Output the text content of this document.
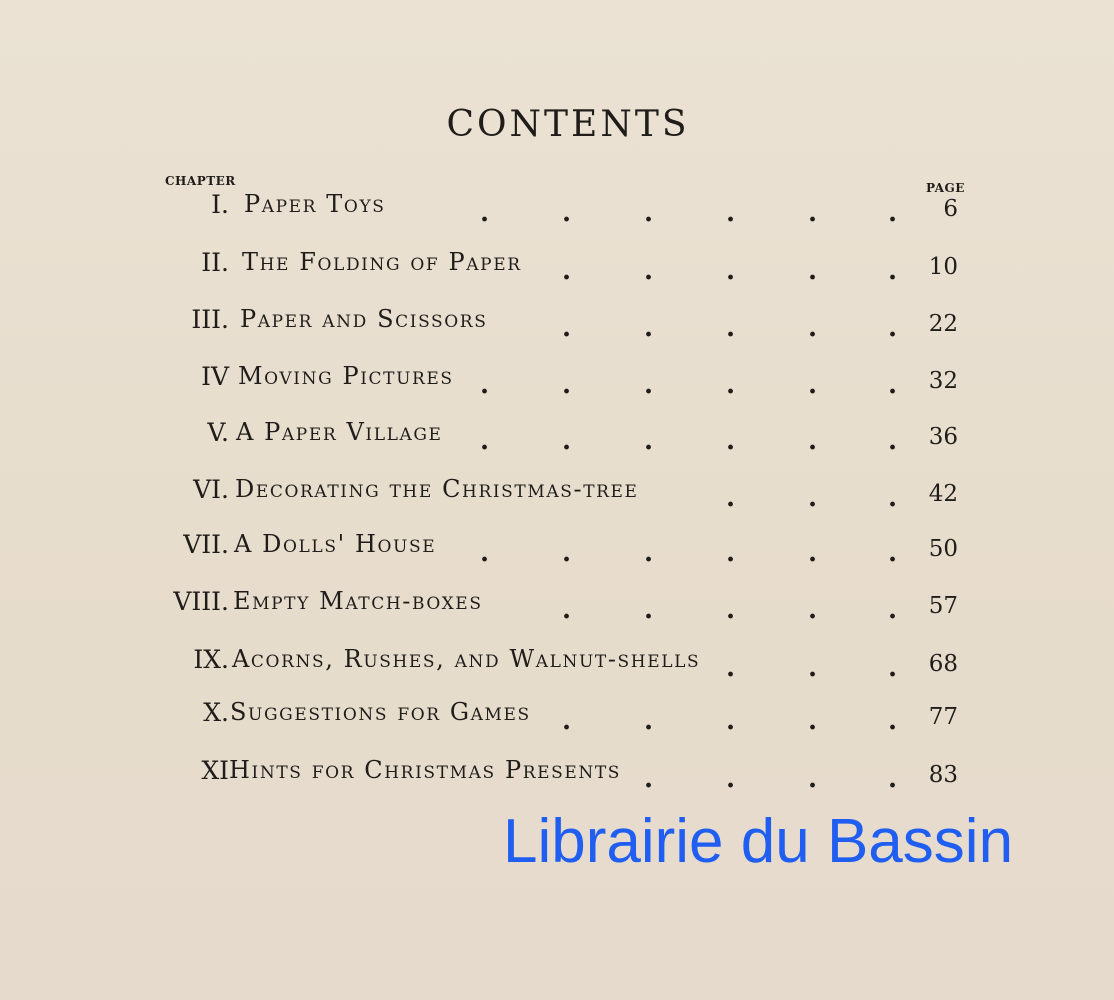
CONTENTS
CHAPTER	PAGE
I. Paper Toys	6
.	.	.	.	.	.
II. The Folding of Paper	10
.	.	.	.	.
III. Paper and Scissors	22
.	.	.	.	.
IV Moving Pictures	32
.	.	.	.	.	.
V. A Paper Village	36
.	.	.	.	.	.
VI. Decorating the Christmas-tree	42
.	.	.
VII. A Dolls' House	50
.	.	.	.	.	.
VIII. Empty Match-boxes	57
.	.	.	.	.
IX. Acorns, Rushes, and Walnut-shells	68
.	.	.
X. Suggestions for Games	77
.	.	.	.	.
XI Hints for Christmas Presents	83
.	.	.	.
Librairie du Bassin
